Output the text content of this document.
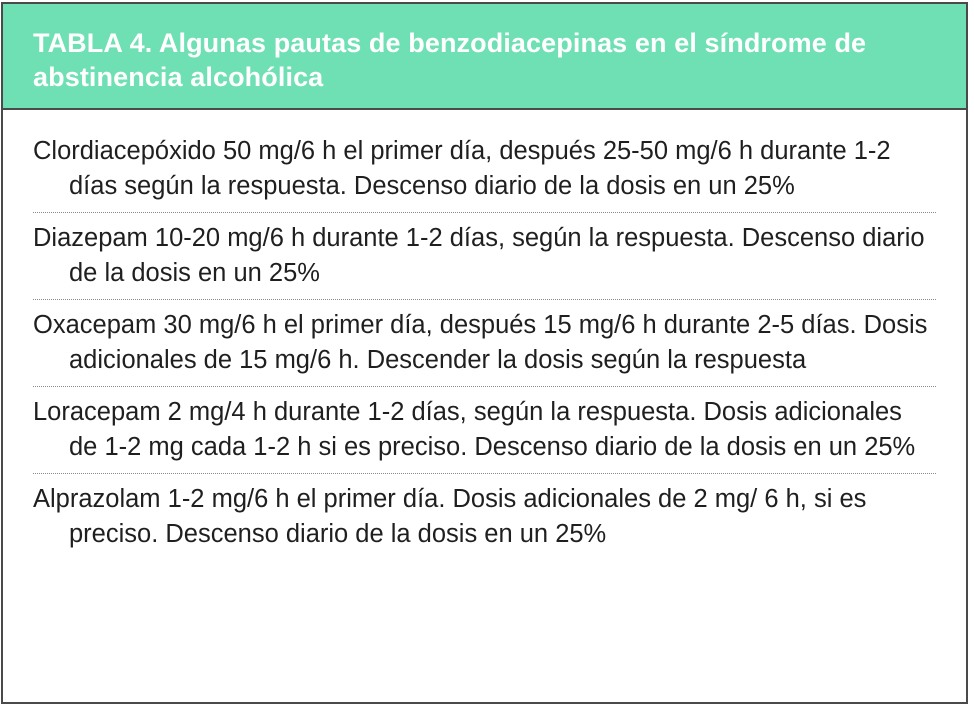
TABLA 4. Algunas pautas de benzodiacepinas en el síndrome de abstinencia alcohólica
Clordiacepóxido 50 mg/6 h el primer día, después 25-50 mg/6 h durante 1-2 días según la respuesta. Descenso diario de la dosis en un 25%
Diazepam 10-20 mg/6 h durante 1-2 días, según la respuesta. Descenso diario de la dosis en un 25%
Oxacepam 30 mg/6 h el primer día, después 15 mg/6 h durante 2-5 días. Dosis adicionales de 15 mg/6 h. Descender la dosis según la respuesta
Loracepam 2 mg/4 h durante 1-2 días, según la respuesta. Dosis adicionales de 1-2 mg cada 1-2 h si es preciso. Descenso diario de la dosis en un 25%
Alprazolam 1-2 mg/6 h el primer día. Dosis adicionales de 2 mg/ 6 h, si es preciso. Descenso diario de la dosis en un 25%
